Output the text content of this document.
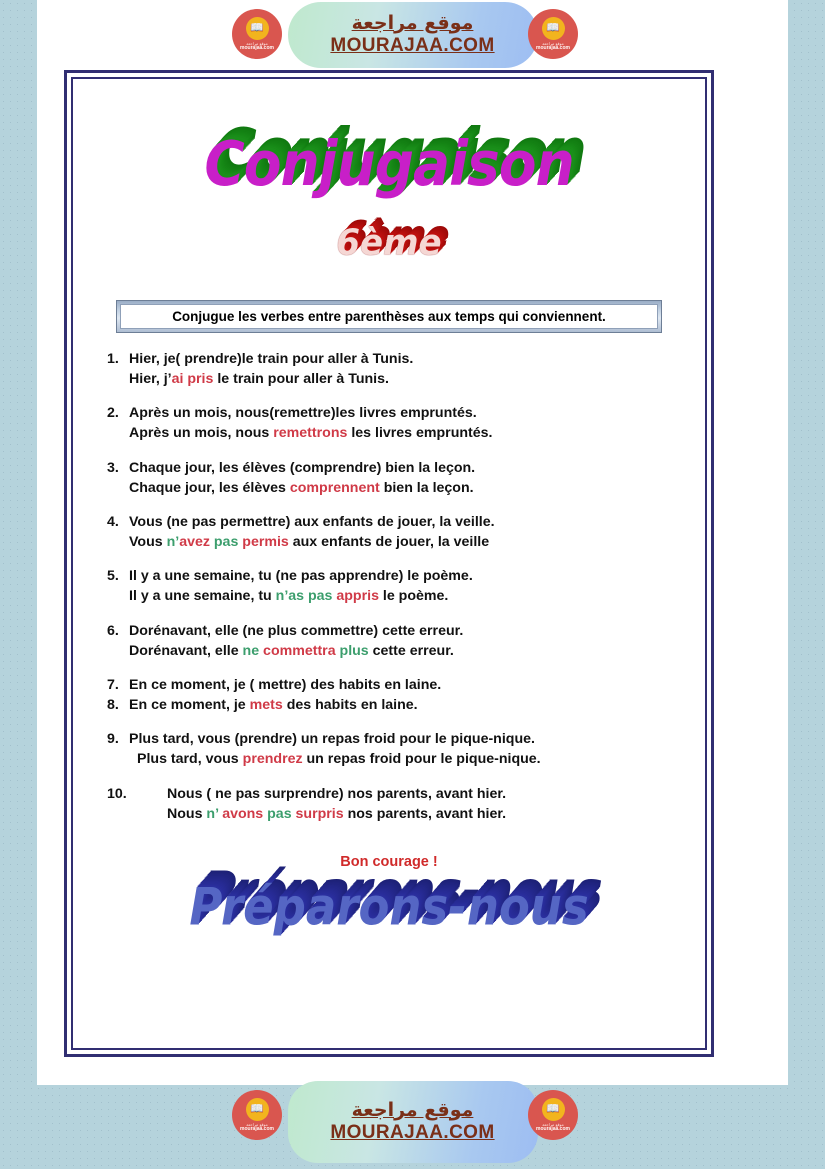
📖
موقع مراجعة
mourajaa.com
موقع مراجعة
MOURAJAA.COM
📖
موقع مراجعة
mourajaa.com
Conjugaison
6ème
Conjugue les verbes entre parenthèses aux temps qui conviennent.
1. Hier, je( prendre)le train pour aller à Tunis.
Hier, j’ai pris le train pour aller à Tunis.
2. Après un mois, nous(remettre)les livres empruntés.
Après un mois, nous remettrons les livres empruntés.
3. Chaque jour, les élèves (comprendre) bien la leçon.
Chaque jour, les élèves comprennent bien la leçon.
4. Vous (ne pas permettre) aux enfants de jouer, la veille.
Vous n’avez pas permis aux enfants de jouer, la veille
5. Il y a une semaine, tu (ne pas apprendre) le poème.
Il y a une semaine, tu n’as pas appris le poème.
6. Dorénavant, elle (ne plus commettre) cette erreur.
Dorénavant, elle ne commettra plus cette erreur.
7. En ce moment, je ( mettre) des habits en laine.
8. En ce moment, je mets des habits en laine.
9. Plus tard, vous (prendre) un repas froid pour le pique-nique.
Plus tard, vous prendrez un repas froid pour le pique-nique.
10.	Nous ( ne pas surprendre) nos parents, avant hier.
Nous n’ avons pas surpris nos parents, avant hier.
Bon courage !
Préparons-nous
📖
موقع مراجعة
mourajaa.com
موقع مراجعة
MOURAJAA.COM
📖
موقع مراجعة
mourajaa.com
